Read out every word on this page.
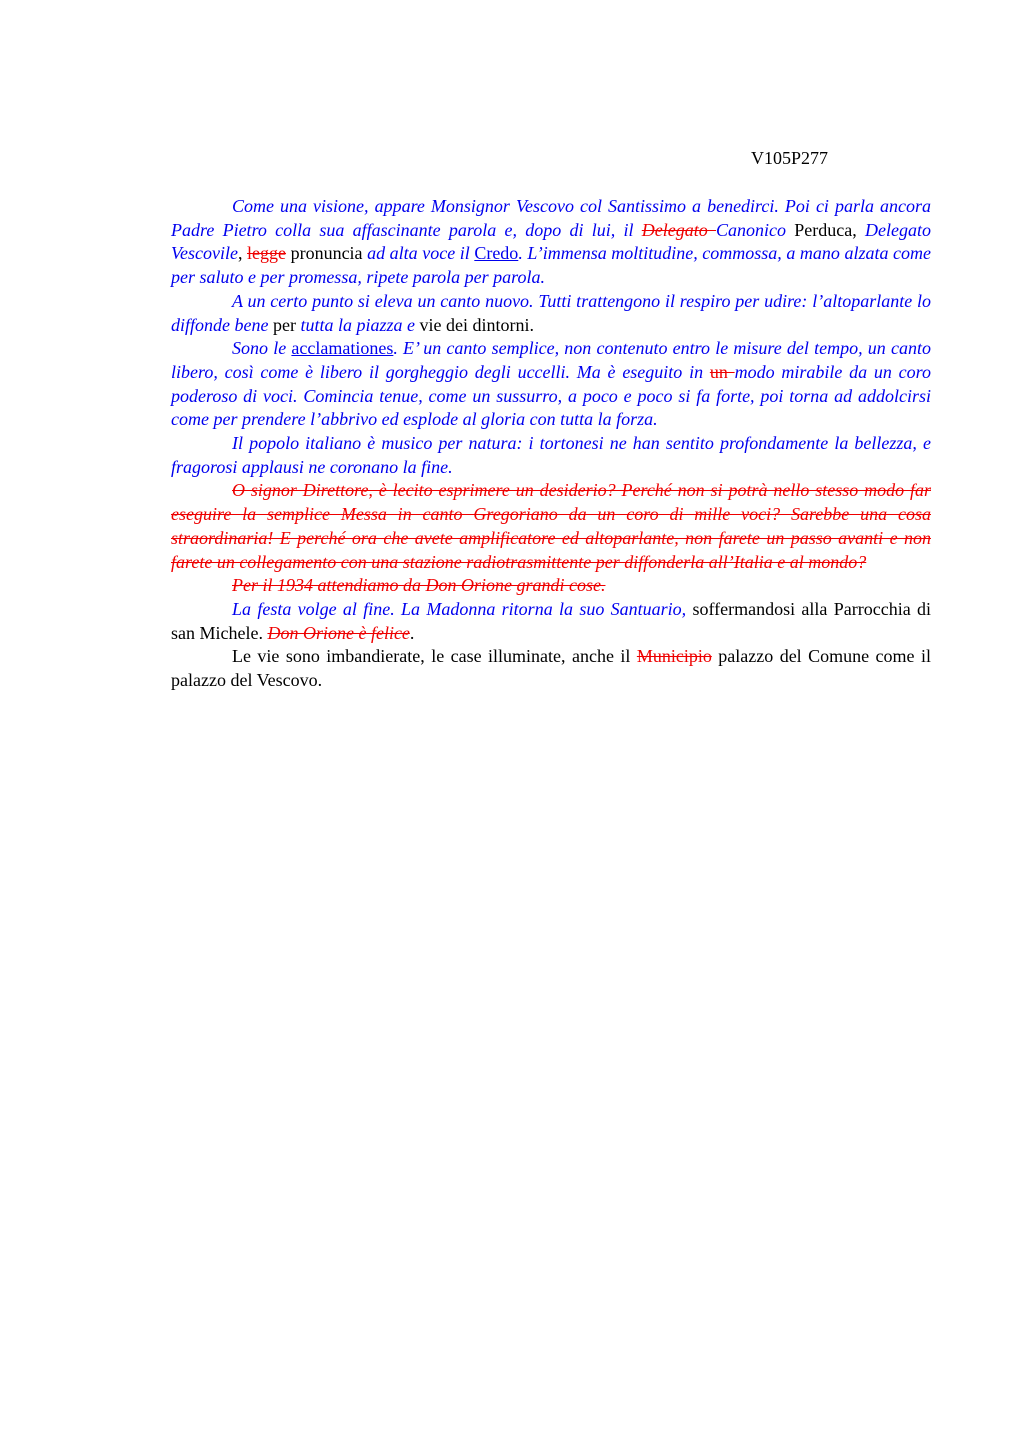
V105P277

Come una visione, appare Monsignor Vescovo col Santissimo a benedirci. Poi ci parla ancora Padre Pietro colla sua affascinante parola e, dopo di lui, il Delegato Canonico Perduca, Delegato Vescovile, legge pronuncia ad alta voce il Credo. L’immensa moltitudine, commossa, a mano alzata come per saluto e per promessa, ripete parola per parola.

A un certo punto si eleva un canto nuovo. Tutti trattengono il respiro per udire: l’altoparlante lo diffonde bene per tutta la piazza e vie dei dintorni.

Sono le acclamationes. E’ un canto semplice, non contenuto entro le misure del tempo, un canto libero, così come è libero il gorgheggio degli uccelli. Ma è eseguito in un modo mirabile da un coro poderoso di voci. Comincia tenue, come un sussurro, a poco e poco si fa forte, poi torna ad addolcirsi come per prendere l’abbrivo ed esplode al gloria con tutta la forza.

Il popolo italiano è musico per natura: i tortonesi ne han sentito profondamente la bellezza, e fragorosi applausi ne coronano la fine.

O signor Direttore, è lecito esprimere un desiderio? Perché non si potrà nello stesso modo far eseguire la semplice Messa in canto Gregoriano da un coro di mille voci? Sarebbe una cosa straordinaria! E perché ora che avete amplificatore ed altoparlante, non farete un passo avanti e non farete un collegamento con una stazione radiotrasmittente per diffonderla all’Italia e al mondo?

Per il 1934 attendiamo da Don Orione grandi cose.

La festa volge al fine. La Madonna ritorna la suo Santuario, soffermandosi alla Parrocchia di san Michele. Don Orione è felice.

Le vie sono imbandierate, le case illuminate, anche il Municipio palazzo del Comune come il palazzo del Vescovo.
